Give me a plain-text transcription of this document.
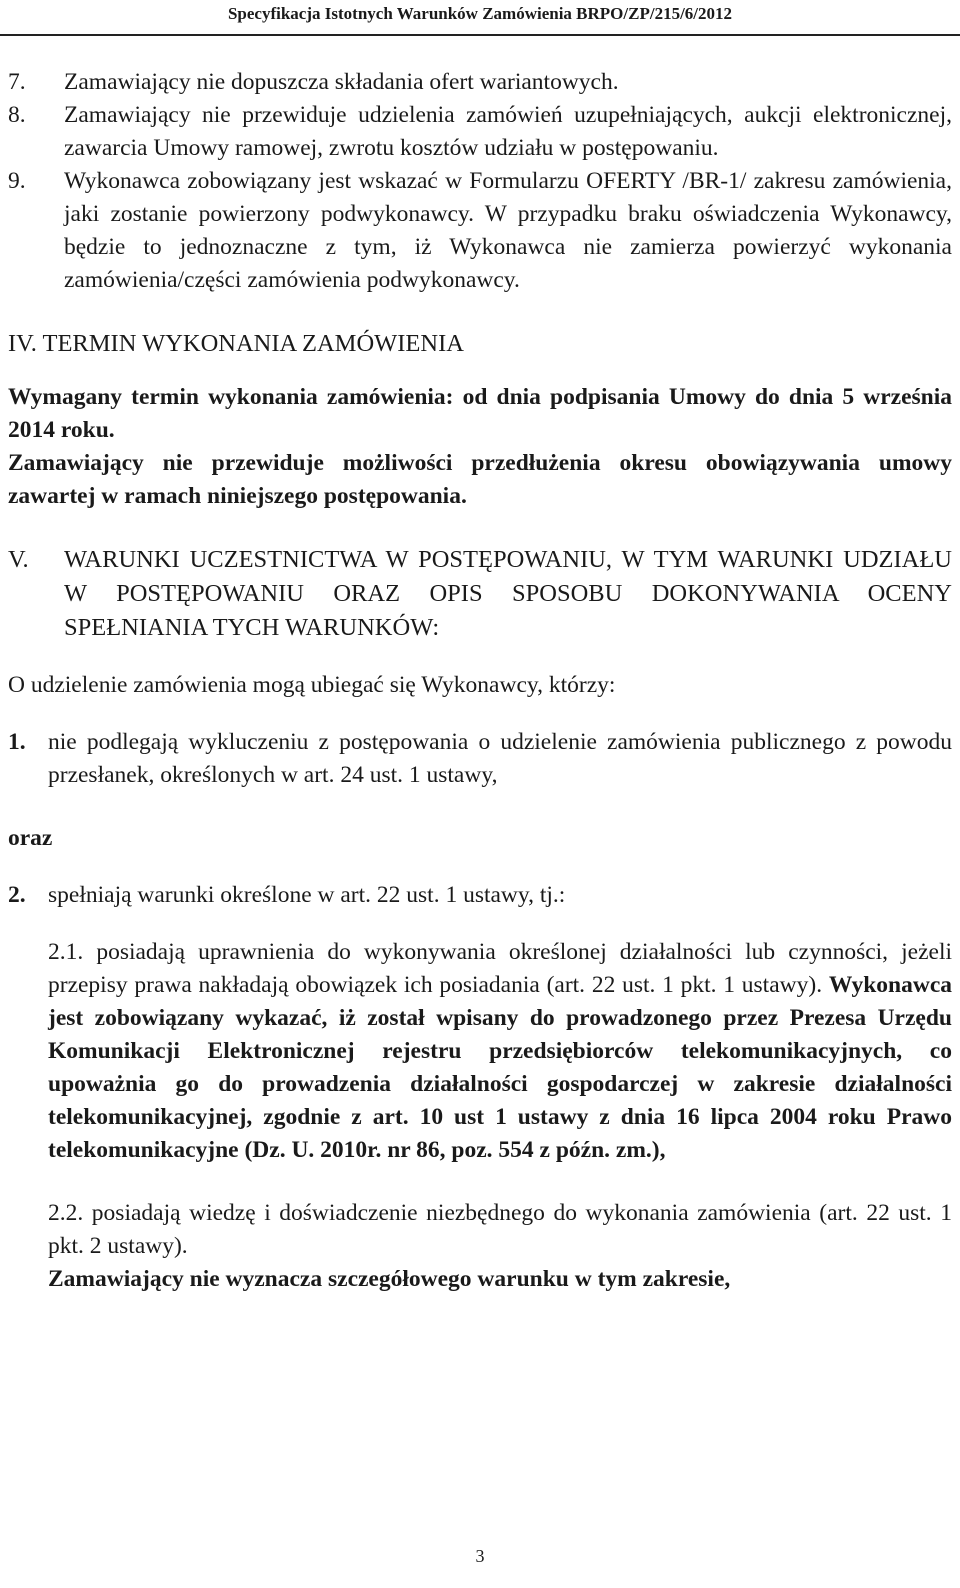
Specyfikacja Istotnych Warunków Zamówienia BRPO/ZP/215/6/2012
7. Zamawiający nie dopuszcza składania ofert wariantowych.
8. Zamawiający nie przewiduje udzielenia zamówień uzupełniających, aukcji elektronicznej, zawarcia Umowy ramowej, zwrotu kosztów udziału w postępowaniu.
9. Wykonawca zobowiązany jest wskazać w Formularzu OFERTY /BR-1/ zakresu zamówienia, jaki zostanie powierzony podwykonawcy. W przypadku braku oświadczenia Wykonawcy, będzie to jednoznaczne z tym, iż Wykonawca nie zamierza powierzyć wykonania zamówienia/części zamówienia podwykonawcy.
IV. TERMIN WYKONANIA ZAMÓWIENIA
Wymagany termin wykonania zamówienia: od dnia podpisania Umowy do dnia 5 września 2014 roku.
Zamawiający nie przewiduje możliwości przedłużenia okresu obowiązywania umowy zawartej w ramach niniejszego postępowania.
V. WARUNKI UCZESTNICTWA W POSTĘPOWANIU, W TYM WARUNKI UDZIAŁU W POSTĘPOWANIU ORAZ OPIS SPOSOBU DOKONYWANIA OCENY SPEŁNIANIA TYCH WARUNKÓW:
O udzielenie zamówienia mogą ubiegać się Wykonawcy, którzy:
1. nie podlegają wykluczeniu z postępowania o udzielenie zamówienia publicznego z powodu przesłanek, określonych w art. 24 ust. 1 ustawy,
oraz
2. spełniają warunki określone w art. 22 ust. 1 ustawy, tj.:
2.1. posiadają uprawnienia do wykonywania określonej działalności lub czynności, jeżeli przepisy prawa nakładają obowiązek ich posiadania (art. 22 ust. 1 pkt. 1 ustawy). Wykonawca jest zobowiązany wykazać, iż został wpisany do prowadzonego przez Prezesa Urzędu Komunikacji Elektronicznej rejestru przedsiębiorców telekomunikacyjnych, co upoważnia go do prowadzenia działalności gospodarczej w zakresie działalności telekomunikacyjnej, zgodnie z art. 10 ust 1 ustawy z dnia 16 lipca 2004 roku Prawo telekomunikacyjne (Dz. U. 2010r. nr 86, poz. 554 z późn. zm.),
2.2. posiadają wiedzę i doświadczenie niezbędnego do wykonania zamówienia (art. 22 ust. 1 pkt. 2 ustawy).
Zamawiający nie wyznacza szczegółowego warunku w tym zakresie,
3
